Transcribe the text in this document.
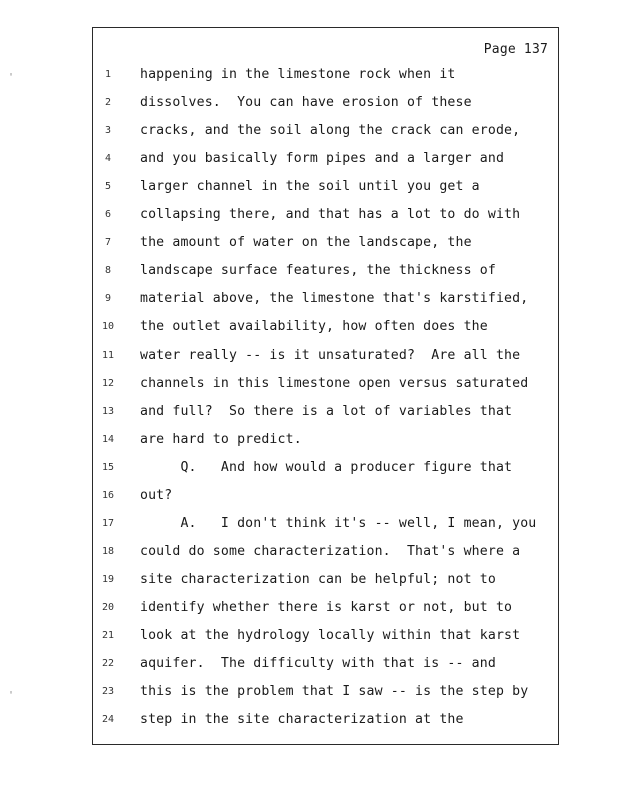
'
'
Page 137
1	happening in the limestone rock when it
2	dissolves.  You can have erosion of these
3	cracks, and the soil along the crack can erode,
4	and you basically form pipes and a larger and
5	larger channel in the soil until you get a
6	collapsing there, and that has a lot to do with
7	the amount of water on the landscape, the
8	landscape surface features, the thickness of
9	material above, the limestone that's karstified,
10 the outlet availability, how often does the
11 water really -- is it unsaturated?  Are all the
12 channels in this limestone open versus saturated
13 and full?  So there is a lot of variables that
14 are hard to predict.
15 Q.   And how would a producer figure that
16 out?
17 A.   I don't think it's -- well, I mean, you
18 could do some characterization.  That's where a
19 site characterization can be helpful; not to
20 identify whether there is karst or not, but to
21 look at the hydrology locally within that karst
22 aquifer.  The difficulty with that is -- and
23 this is the problem that I saw -- is the step by
24 step in the site characterization at the
